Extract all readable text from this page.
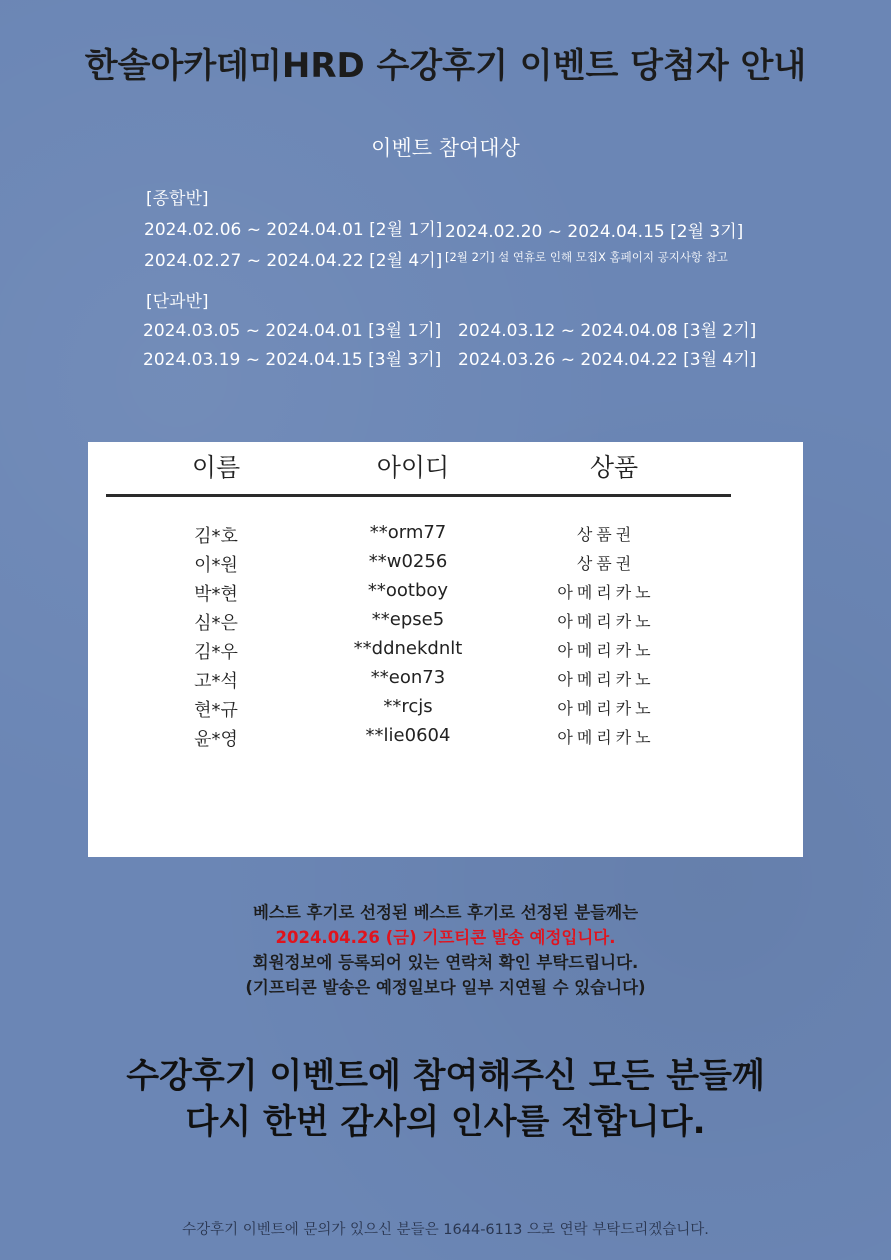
한솔아카데미HRD 수강후기 이벤트 당첨자 안내
이벤트 참여대상
[종합반]
2024.02.06 ~ 2024.04.01 [2월 1기] 2024.02.20 ~ 2024.04.15 [2월 3기]
2024.02.27 ~ 2024.04.22 [2월 4기] [2월 2기] 설 연휴로 인해 모집X 홈페이지 공지사항 참고
[단과반]
2024.03.05 ~ 2024.04.01 [3월 1기] 2024.03.12 ~ 2024.04.08 [3월 2기]
2024.03.19 ~ 2024.04.15 [3월 3기] 2024.03.26 ~ 2024.04.22 [3월 4기]
이름	아이디	상품
김*호	**orm77	상품권
이*원	**w0256	상품권
박*현	**ootboy	아메리카노
심*은	**epse5	아메리카노
김*우	**ddnekdnlt	아메리카노
고*석	**eon73	아메리카노
현*규	**rcjs	아메리카노
윤*영	**lie0604	아메리카노
베스트 후기로 선정된 베스트 후기로 선정된 분들께는
2024.04.26 (금) 기프티콘 발송 예정입니다.
회원정보에 등록되어 있는 연락처 확인 부탁드립니다.
(기프티콘 발송은 예정일보다 일부 지연될 수 있습니다)
수강후기 이벤트에 참여해주신 모든 분들께
다시 한번 감사의 인사를 전합니다.
수강후기 이벤트에 문의가 있으신 분들은 1644-6113 으로 연락 부탁드리겠습니다.
